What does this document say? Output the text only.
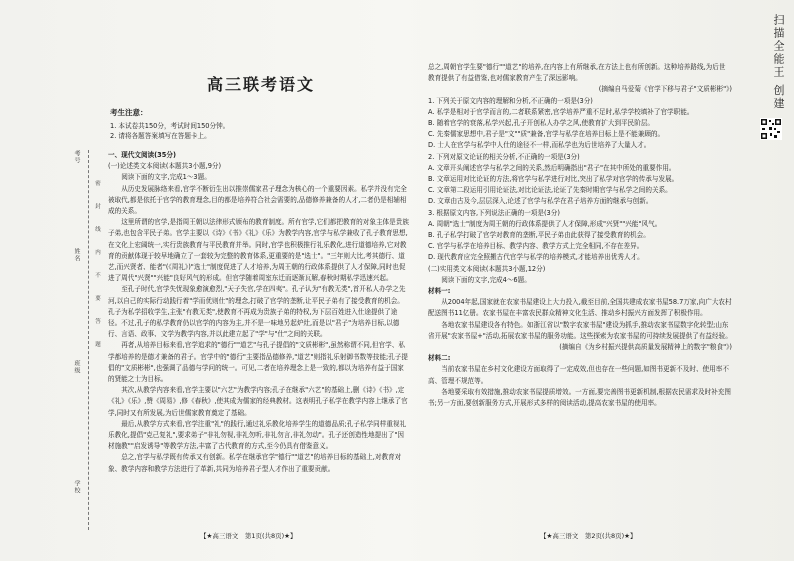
考号
姓名
班级
学校
密　封　线　内　不　要　答　题
高三联考语文
考生注意：
1. 本试卷共150分，考试时间150分钟。
2. 请将各题答案填写在答题卡上。

一、现代文阅读(35分)

(一)论述类文本阅读(本题共3小题,9分)

阅读下面的文字,完成1～3题。

从历史发展脉络来看,官学不断衍生出以推崇儒家君子理念为核心的一个重要因素。私学并没有完全被取代,都是依托于官学的教育理念,目的都是培养符合社会需要的,品德修养兼备的人才,二者仍是相辅相成的关系。

这里所谓的官学,是指周王朝以法律形式颁布的教育制度。所有官学,它们都把教育的对象主体是贵族子弟,也包含平民子弟。官学主要以《诗》《书》《礼》《乐》为教学内容,官学与私学兼收了孔子教育思想,在文化上宏阔统一,实行贵族教育与平民教育并举。同时,官学也积极推行礼乐教化,进行道德培养,它对教育的贡献体现于较早地确立了一套较为完整的教育体系,更重要的是"选士"。"三年则大比,考其德行、道艺,而兴贤者、能者"(《周礼》)"选士"制度促进了人才培养,为周王朝的行政体系提供了人才保障,同时也促进了周代"兴贤""兴能"良好风气的形成。但官学随着周室东迁而逐渐瓦解,春秋时期私学迅速兴起。

至孔子时代,官学失忧现象愈演愈烈,"天子失官,学在四夷"。孔子认为"有教无类",首开私人办学之先河,以自己的实际行动践行着"学而优则仕"的理念,打破了官学的垄断,让平民子弟有了接受教育的机会。孔子为私学招收学生,主张"有教无类",使教育不再成为贵族子弟的特权,为下层百姓进入仕途提供了途径。不过,孔子的私学教育仍以官学的内容为主,并不是一味地另起炉灶,而是以"君子"为培养目标,以德行、言语、政事、文学为教学内容,并以此建立起了"学"与"仕"之间的关联。

再者,从培养目标来看,官学追求的"德行""道艺"与孔子提倡的"文质彬彬",虽然称谓不同,但官学、私学都培养的是德才兼备的君子。官学中的"德行"主要指品德修养,"道艺"则指礼乐射御书数等技能;孔子提倡的"文质彬彬",也强调了品德与学问的统一。可见,二者在培养理念上是一致的,都以为培养有益于国家的贤能之士为目标。

其次,从教学内容来看,官学主要以"六艺"为教学内容;孔子在继承"六艺"的基础上,删《诗》《书》,定《礼》《乐》,赞《周易》,修《春秋》,使其成为儒家的经典教材。这表明孔子私学在教学内容上继承了官学,同时又有所发展,为后世儒家教育奠定了基础。

最后,从教学方式来看,官学注重"礼"的践行,通过礼乐教化培养学生的道德品质;孔子私学同样重视礼乐教化,提倡"克己复礼",要求弟子"非礼勿视,非礼勿听,非礼勿言,非礼勿动"。孔子还创造性地提出了"因材施教""启发诱导"等教学方法,丰富了古代教育的方式,至今仍具有借鉴意义。

总之,官学与私学既有传承又有创新。私学在继承官学"德行""道艺"的培养目标的基础上,对教育对象、教学内容和教学方法进行了革新,共同为培养君子型人才作出了重要贡献。

总之,周朝官学生要"德行""道艺"的培养,在内容上有所继承,在方法上也有所创新。这种培养路线,为后世教育提供了有益借鉴,也对儒家教育产生了深远影响。

(摘编自马爱菊《官学下移与君子"文质彬彬"》)

1. 下列关于原文内容的理解和分析,不正确的一项是(3分)

A. 私学是相对于官学而言的,二者联系紧密,官学培养严重不足时,私学学校填补了官学职能。

B. 随着官学的衰落,私学兴起,孔子开创私人办学之风,使教育扩大到平民阶层。

C. 先秦儒家思想中,君子是"文""质"兼备,官学与私学在培养目标上是不能兼顾的。

D. 士人在官学与私学中人仕的途径不一样,而私学也为后世培养了大量人才。

2. 下列对原文论证的相关分析,不正确的一项是(3分)

A. 文章开头阐述官学与私学之间的关系,然后明确指出"君子"在其中所处的重要作用。

B. 文章运用对比论证的方法,将官学与私学进行对比,突出了私学对官学的传承与发展。

C. 文章第二段运用引用论证法,对比论证法,论证了先秦时期官学与私学之间的关系。

D. 文章由古及今,层层深入,论述了官学与私学在君子培养方面的继承与创新。

3. 根据原文内容,下列说法正确的一项是(3分)

A. 周朝"选士"制度为周王朝的行政体系提供了人才保障,形成"兴贤""兴能"风气。

B. 孔子私学打破了官学对教育的垄断,平民子弟由此获得了接受教育的机会。

C. 官学与私学在培养目标、教学内容、教学方式上完全相同,不存在差异。

D. 现代教育应完全照搬古代官学与私学的培养模式,才能培养出优秀人才。

(二)实用类文本阅读(本题共3小题,12分)

阅读下面的文字,完成4～6题。

材料一:

从2004年起,国家就在农家书屋建设上大力投入,截至目前,全国共建成农家书屋58.7万家,向广大农村配送图书11亿册。农家书屋在丰富农民群众精神文化生活、推动乡村振兴方面发挥了积极作用。

各地农家书屋建设各有特色。如浙江省以"数字农家书屋"建设为抓手,推动农家书屋数字化转型;山东省开展"农家书屋+"活动,拓展农家书屋的服务功能。这些探索为农家书屋的可持续发展提供了有益经验。

(摘编自《为乡村振兴提供高质量发展精神上的数字"粮食"》)

材料二:

当前农家书屋在乡村文化建设方面取得了一定成效,但也存在一些问题,如图书更新不及时、使用率不高、管理不规范等。

各地要采取有效措施,推动农家书屋提质增效。一方面,要完善图书更新机制,根据农民需求及时补充图书;另一方面,要创新服务方式,开展形式多样的阅读活动,提高农家书屋的使用率。

【★高三语文　第1页(共8页)★】	【★高三语文　第2页(共8页)★】
扫描全能王 创建
